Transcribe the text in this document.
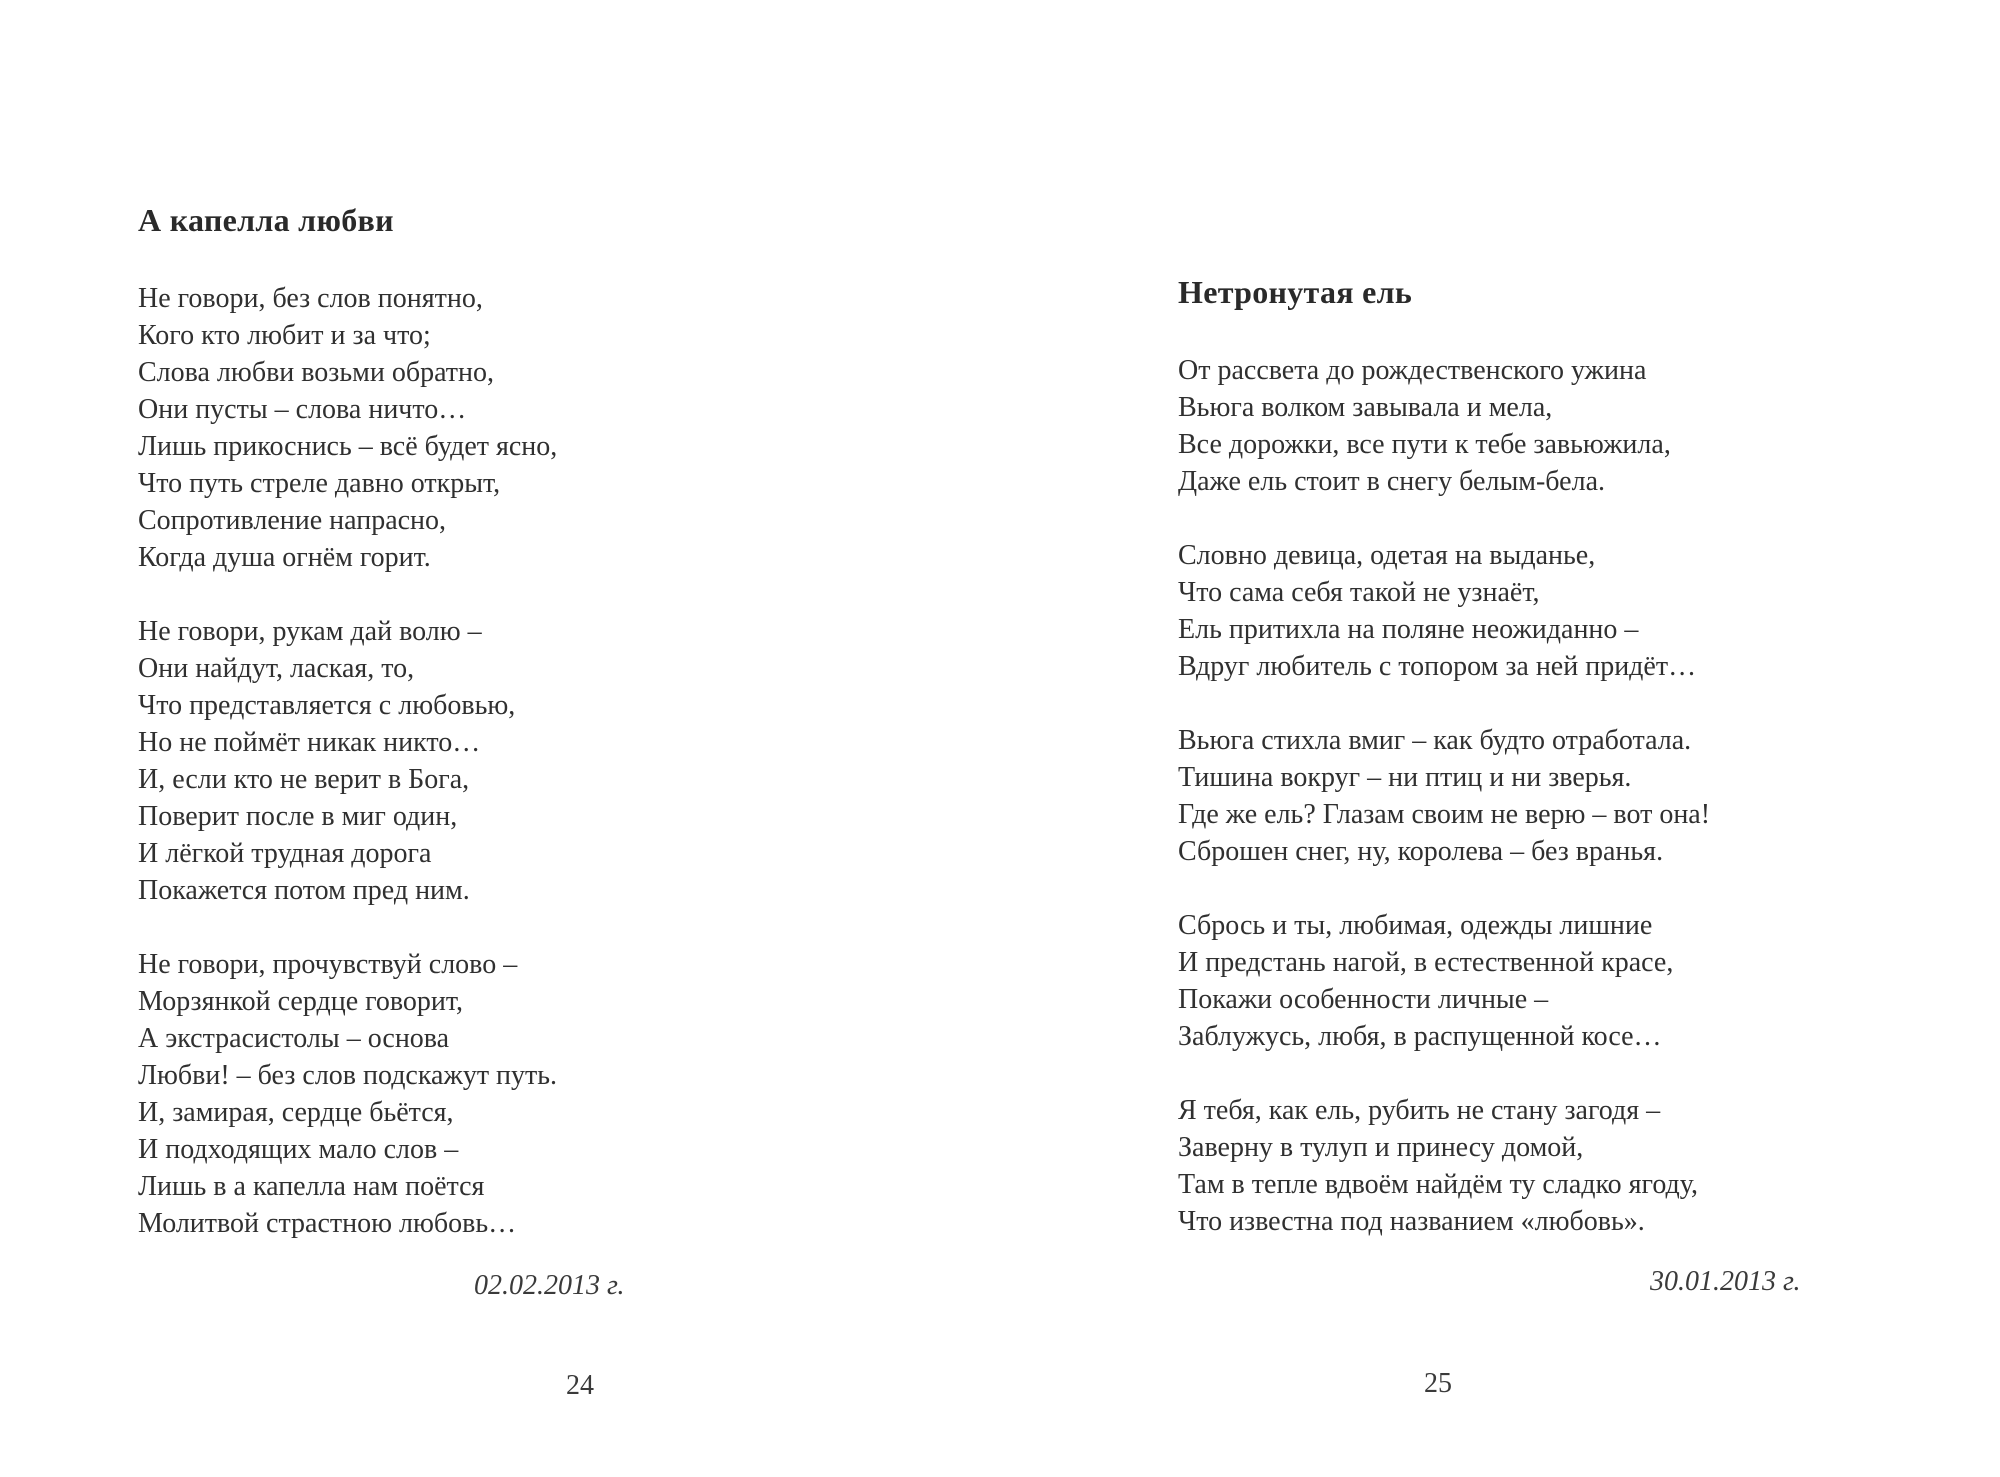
А капелла любви
Не говори, без слов понятно,
Кого кто любит и за что;
Слова любви возьми обратно,
Они пусты – слова ничто…
Лишь прикоснись – всё будет ясно,
Что путь стреле давно открыт,
Сопротивление напрасно,
Когда душа огнём горит.
Не говори, рукам дай волю –
Они найдут, лаская, то,
Что представляется с любовью,
Но не поймёт никак никто…
И, если кто не верит в Бога,
Поверит после в миг один,
И лёгкой трудная дорога
Покажется потом пред ним.
Не говори, прочувствуй слово –
Морзянкой сердце говорит,
А экстрасистолы – основа
Любви! – без слов подскажут путь.
И, замирая, сердце бьётся,
И подходящих мало слов –
Лишь в а капелла нам поётся
Молитвой страстною любовь…
02.02.2013 г.
24
Нетронутая ель
От рассвета до рождественского ужина
Вьюга волком завывала и мела,
Все дорожки, все пути к тебе завьюжила,
Даже ель стоит в снегу белым-бела.
Словно девица, одетая на выданье,
Что сама себя такой не узнаёт,
Ель притихла на поляне неожиданно –
Вдруг любитель с топором за ней придёт…
Вьюга стихла вмиг – как будто отработала.
Тишина вокруг – ни птиц и ни зверья.
Где же ель? Глазам своим не верю – вот она!
Сброшен снег, ну, королева – без вранья.
Сбрось и ты, любимая, одежды лишние
И предстань нагой, в естественной красе,
Покажи особенности личные –
Заблужусь, любя, в распущенной косе…
Я тебя, как ель, рубить не стану загодя –
Заверну в тулуп и принесу домой,
Там в тепле вдвоём найдём ту сладко ягоду,
Что известна под названием «любовь».
30.01.2013 г.
25
